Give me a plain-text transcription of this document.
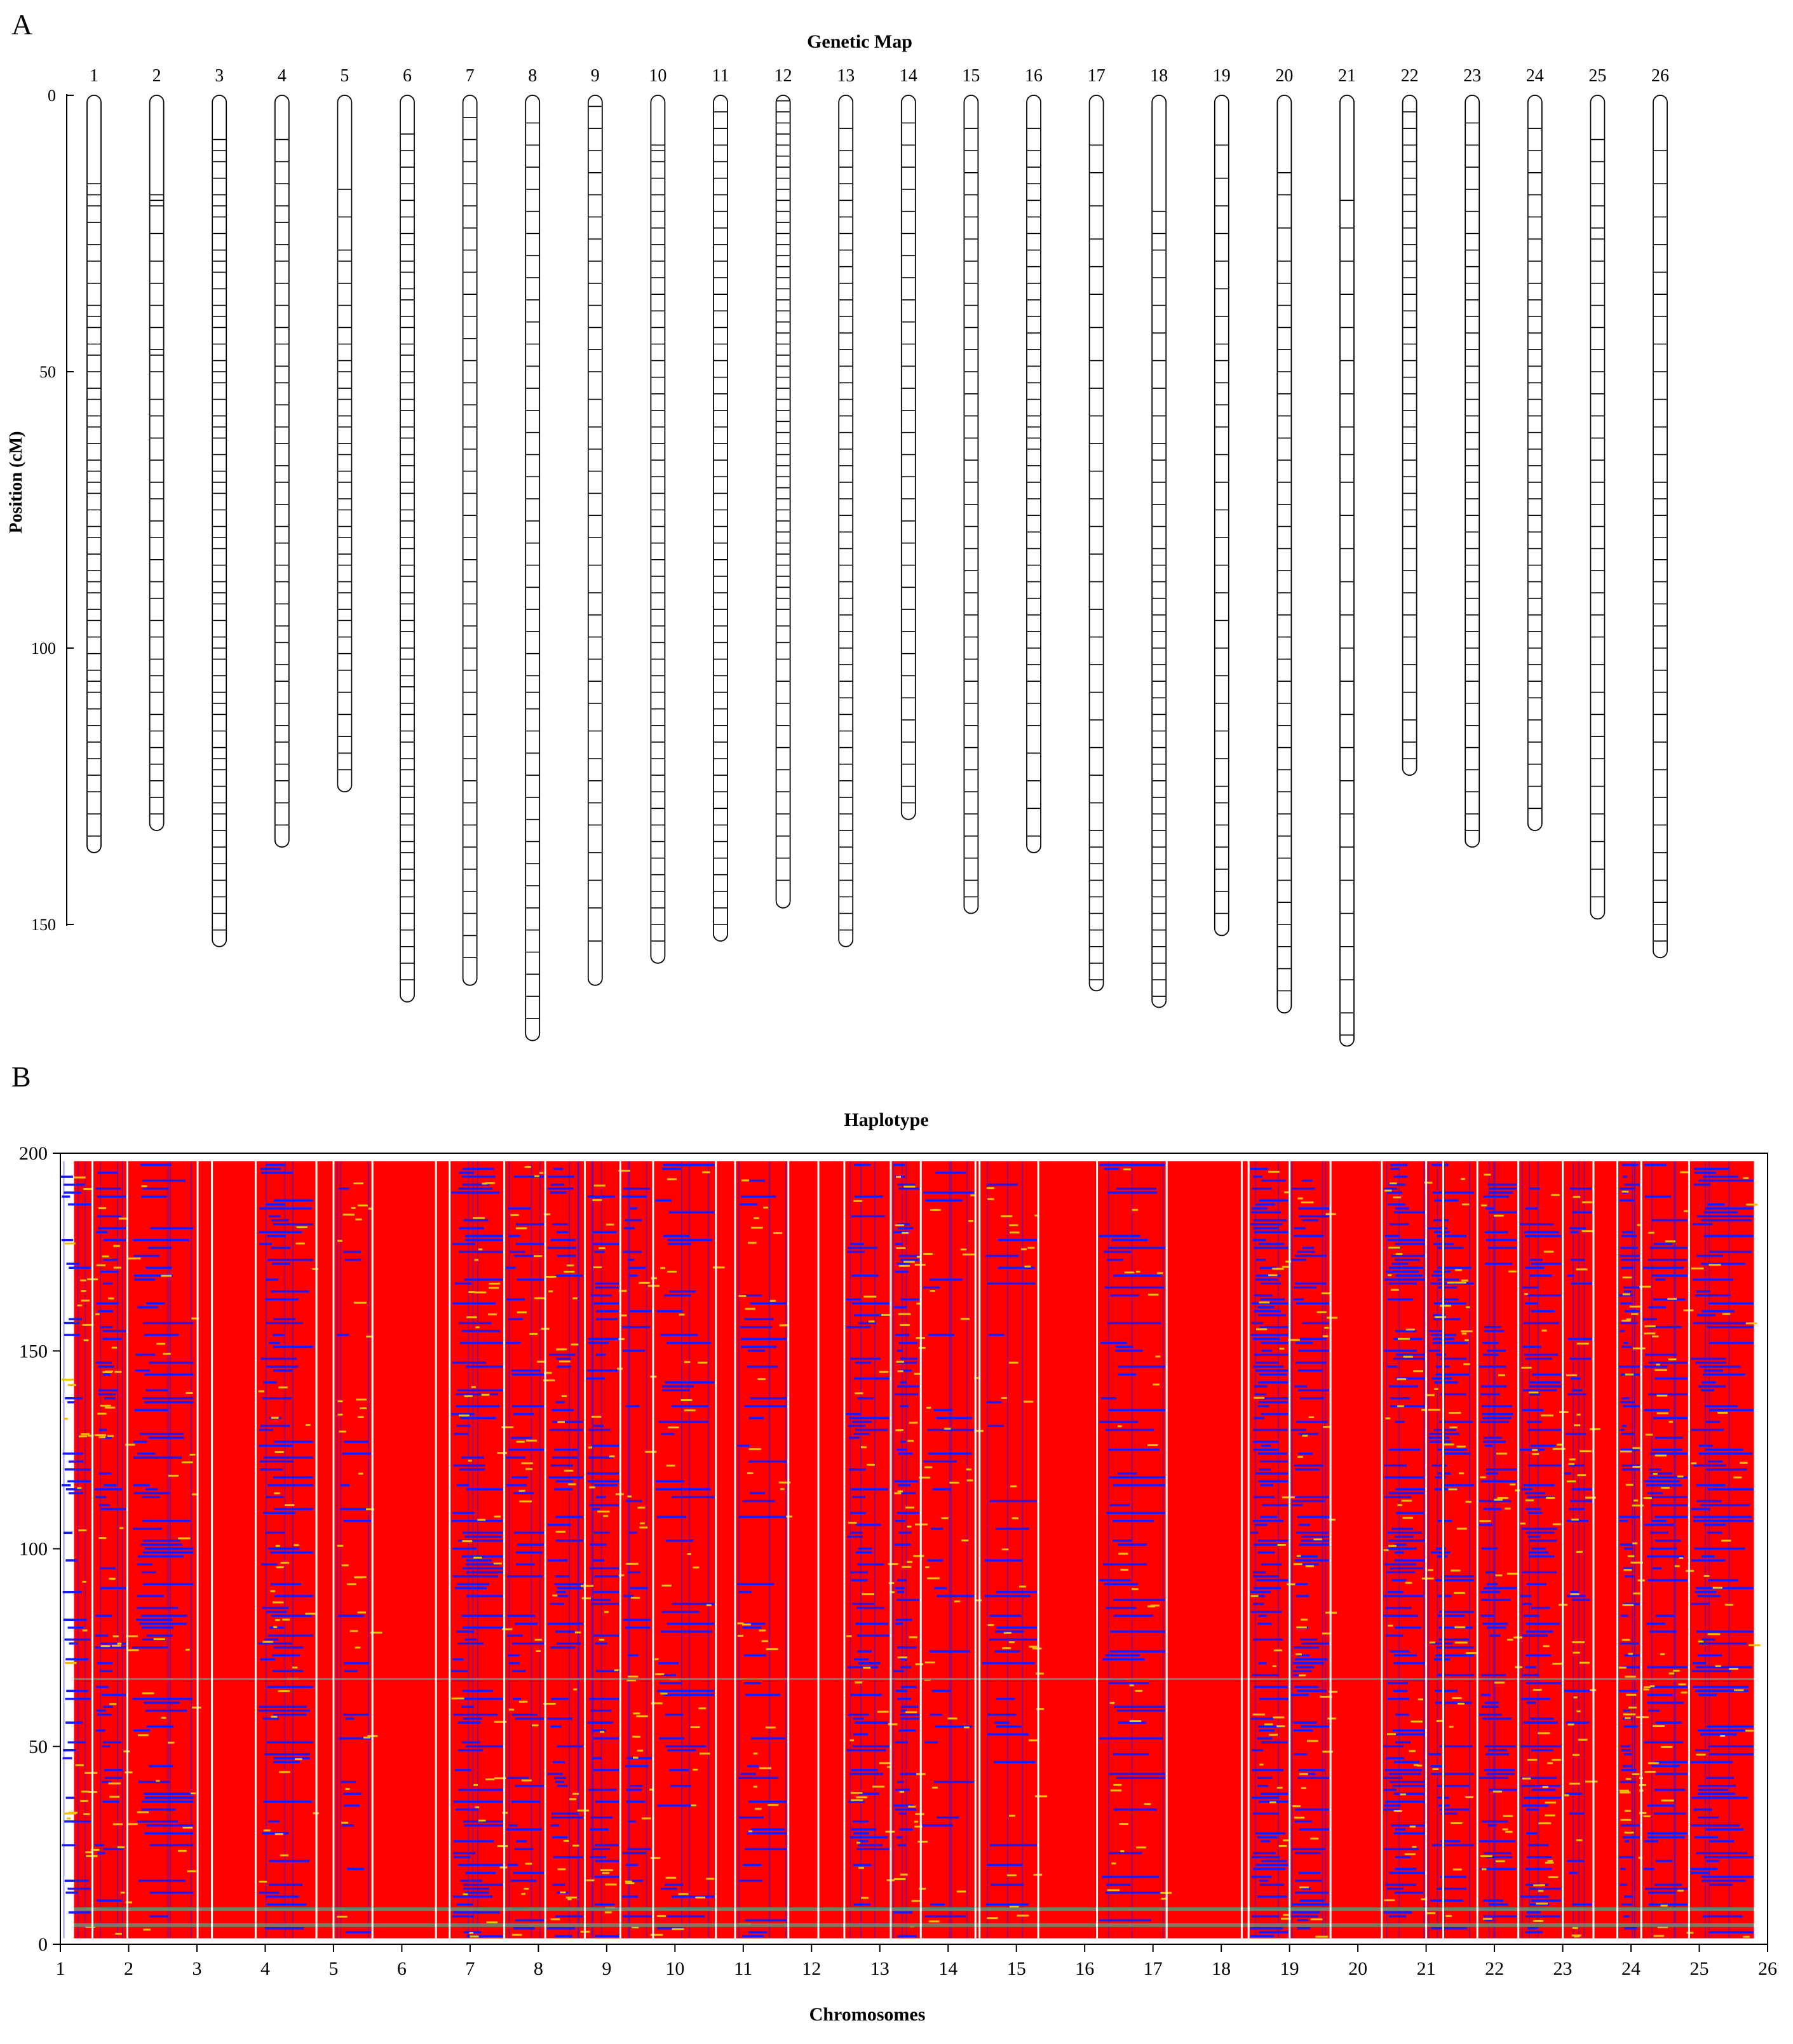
A
B
Genetic Map
0
50
100
150
Position (cM)
1	2	3	4	5	6	7	8	9	10	11	12	13	14	15	16	17	18	19	20	21	22	23	24	25	26
Haplotype
1	2	3	4	5	6	7	8	9	10	11	12	13	14	15	16	17	18	19	20	21	22	23	24	25	26
0
50
100
150
200
Chromosomes
